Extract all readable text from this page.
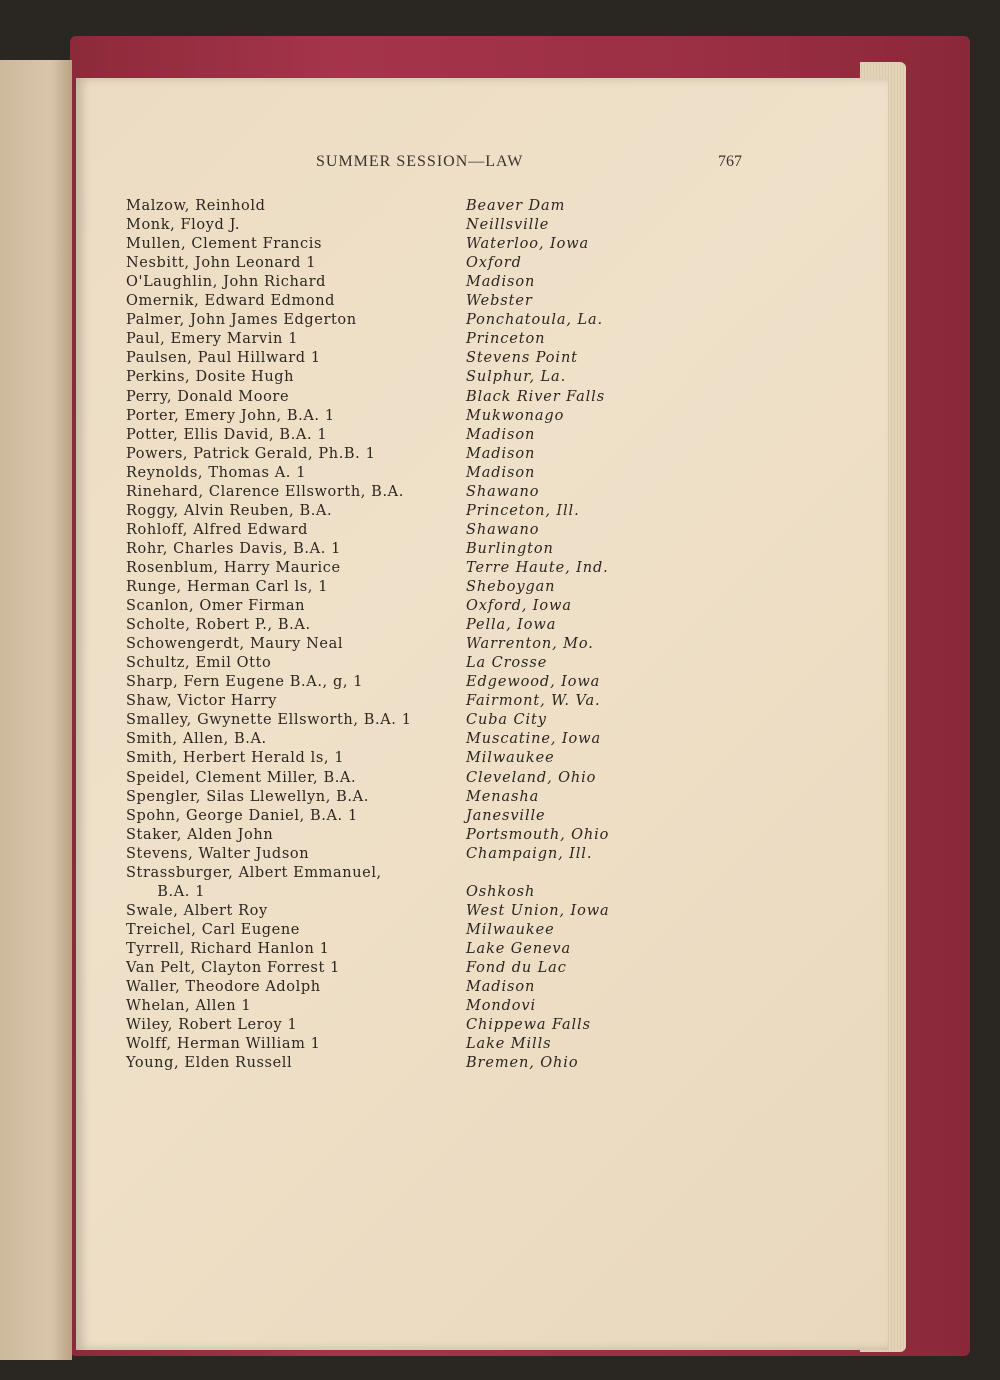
SUMMER SESSION—LAW	767
Malzow, Reinhold	Beaver Dam
Monk, Floyd J.	Neillsville
Mullen, Clement Francis	Waterloo, Iowa
Nesbitt, John Leonard 1	Oxford
O'Laughlin, John Richard	Madison
Omernik, Edward Edmond	Webster
Palmer, John James Edgerton	Ponchatoula, La.
Paul, Emery Marvin 1	Princeton
Paulsen, Paul Hillward 1	Stevens Point
Perkins, Dosite Hugh	Sulphur, La.
Perry, Donald Moore	Black River Falls
Porter, Emery John, B.A. 1	Mukwonago
Potter, Ellis David, B.A. 1	Madison
Powers, Patrick Gerald, Ph.B. 1	Madison
Reynolds, Thomas A. 1	Madison
Rinehard, Clarence Ellsworth, B.A.	Shawano
Roggy, Alvin Reuben, B.A.	Princeton, Ill.
Rohloff, Alfred Edward	Shawano
Rohr, Charles Davis, B.A. 1	Burlington
Rosenblum, Harry Maurice	Terre Haute, Ind.
Runge, Herman Carl ls, 1	Sheboygan
Scanlon, Omer Firman	Oxford, Iowa
Scholte, Robert P., B.A.	Pella, Iowa
Schowengerdt, Maury Neal	Warrenton, Mo.
Schultz, Emil Otto	La Crosse
Sharp, Fern Eugene B.A., g, 1	Edgewood, Iowa
Shaw, Victor Harry	Fairmont, W. Va.
Smalley, Gwynette Ellsworth, B.A. 1	Cuba City
Smith, Allen, B.A.	Muscatine, Iowa
Smith, Herbert Herald ls, 1	Milwaukee
Speidel, Clement Miller, B.A.	Cleveland, Ohio
Spengler, Silas Llewellyn, B.A.	Menasha
Spohn, George Daniel, B.A. 1	Janesville
Staker, Alden John	Portsmouth, Ohio
Stevens, Walter Judson	Champaign, Ill.
Strassburger, Albert Emmanuel,
B.A. 1	Oshkosh
Swale, Albert Roy	West Union, Iowa
Treichel, Carl Eugene	Milwaukee
Tyrrell, Richard Hanlon 1	Lake Geneva
Van Pelt, Clayton Forrest 1	Fond du Lac
Waller, Theodore Adolph	Madison
Whelan, Allen 1	Mondovi
Wiley, Robert Leroy 1	Chippewa Falls
Wolff, Herman William 1	Lake Mills
Young, Elden Russell	Bremen, Ohio
